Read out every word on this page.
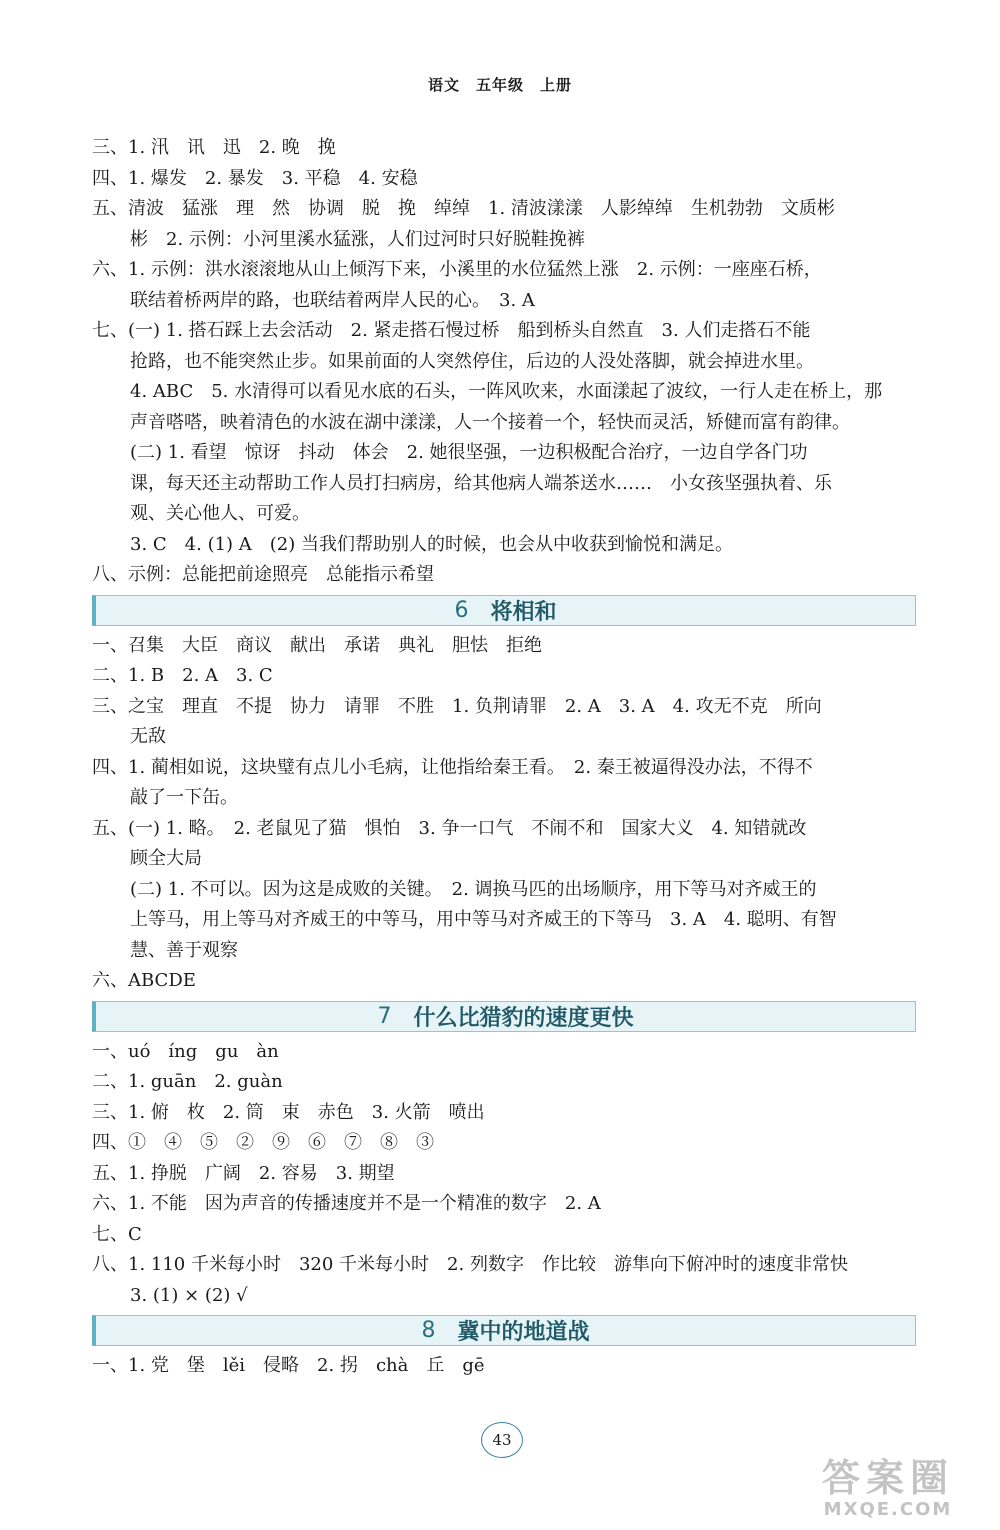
语文　五年级　上册
三、1. 汛　讯　迅　2. 晚　挽
四、1. 爆发　2. 暴发　3. 平稳　4. 安稳
五、清波　猛涨　理　然　协调　脱　挽　绰绰　1. 清波漾漾　人影绰绰　生机勃勃　文质彬
彬　2. 示例：小河里溪水猛涨，人们过河时只好脱鞋挽裤
六、1. 示例：洪水滚滚地从山上倾泻下来，小溪里的水位猛然上涨　2. 示例：一座座石桥，
联结着桥两岸的路，也联结着两岸人民的心。　3. A
七、(一) 1. 搭石踩上去会活动　2. 紧走搭石慢过桥　船到桥头自然直　3. 人们走搭石不能
抢路，也不能突然止步。如果前面的人突然停住，后边的人没处落脚，就会掉进水里。
4. ABC　5. 水清得可以看见水底的石头，一阵风吹来，水面漾起了波纹，一行人走在桥上，那
声音嗒嗒，映着清色的水波在湖中漾漾，人一个接着一个，轻快而灵活，矫健而富有韵律。
(二) 1. 看望　惊讶　抖动　体会　2. 她很坚强，一边积极配合治疗，一边自学各门功
课，每天还主动帮助工作人员打扫病房，给其他病人端茶送水……　小女孩坚强执着、乐
观、关心他人、可爱。
3. C　4. (1) A　(2) 当我们帮助别人的时候，也会从中收获到愉悦和满足。
八、示例：总能把前途照亮　总能指示希望
6 将相和
一、召集　大臣　商议　献出　承诺　典礼　胆怯　拒绝
二、1. B　2. A　3. C
三、之宝　理直　不提　协力　请罪　不胜　1. 负荆请罪　2. A　3. A　4. 攻无不克　所向
无敌
四、1. 蔺相如说，这块璧有点儿小毛病，让他指给秦王看。　2. 秦王被逼得没办法，不得不
敲了一下缶。
五、(一) 1. 略。　2. 老鼠见了猫　惧怕　3. 争一口气　不闹不和　国家大义　4. 知错就改
顾全大局
(二) 1. 不可以。因为这是成败的关键。　2. 调换马匹的出场顺序，用下等马对齐威王的
上等马，用上等马对齐威王的中等马，用中等马对齐威王的下等马　3. A　4. 聪明、有智
慧、善于观察
六、ABCDE
7 什么比猎豹的速度更快
一、uó　íng　gu　àn
二、1. guān　2. guàn
三、1. 俯　枚　2. 筒　束　赤色　3. 火箭　喷出
四、①　④　⑤　②　⑨　⑥　⑦　⑧　③
五、1. 挣脱　广阔　2. 容易　3. 期望
六、1. 不能　因为声音的传播速度并不是一个精准的数字　2. A
七、C
八、1. 110 千米每小时　320 千米每小时　2. 列数字　作比较　游隼向下俯冲时的速度非常快
3. (1) × (2) √
8 冀中的地道战
一、1. 党　堡　lěi　侵略　2. 拐　chà　丘　gē
43
答案圈
MXQE.COM
